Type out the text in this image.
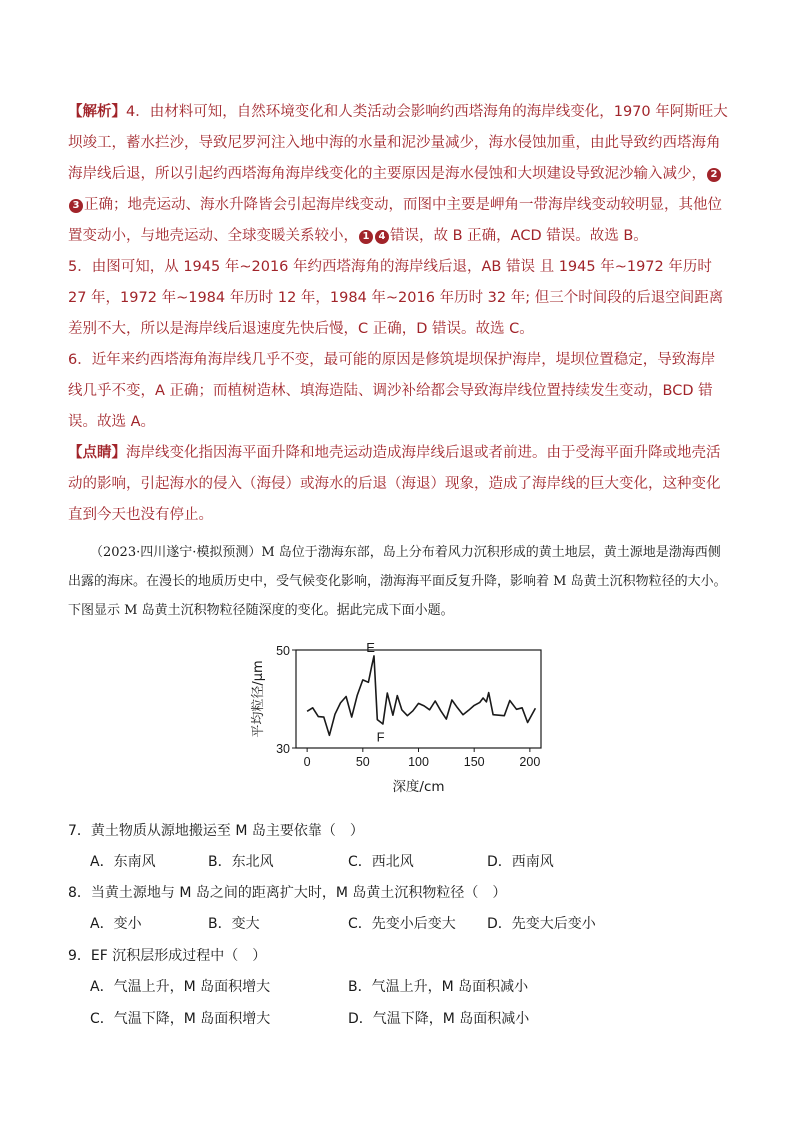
【解析】4．由材料可知，自然环境变化和人类活动会影响约西塔海角的海岸线变化，1970 年阿斯旺大坝竣工，蓄水拦沙，导致尼罗河注入地中海的水量和泥沙量减少，海水侵蚀加重，由此导致约西塔海角海岸线后退，所以引起约西塔海角海岸线变化的主要原因是海水侵蚀和大坝建设导致泥沙输入减少， 23 正确；地壳运动、海水升降皆会引起海岸线变动，而图中主要是岬角一带海岸线变动较明显，其他位置变动小，与地壳运动、全球变暖关系较小， 1 4 错误，故 B 正确，ACD 错误。故选 B。

5．由图可知，从 1945 年~2016 年约西塔海角的海岸线后退，AB 错误 且 1945 年~1972 年历时 27 年，1972 年~1984 年历时 12 年，1984 年~2016 年历时 32 年; 但三个时间段的后退空间距离差别不大，所以是海岸线后退速度先快后慢，C 正确，D 错误。故选 C。

6．近年来约西塔海角海岸线几乎不变，最可能的原因是修筑堤坝保护海岸，堤坝位置稳定，导致海岸线几乎不变，A 正确；而植树造林、填海造陆、调沙补给都会导致海岸线位置持续发生变动，BCD 错误。故选 A。

【点睛】海岸线变化指因海平面升降和地壳运动造成海岸线后退或者前进。由于受海平面升降或地壳活动的影响，引起海水的侵入（海侵）或海水的后退（海退）现象，造成了海岸线的巨大变化，这种变化直到今天也没有停止。

（2023·四川遂宁·模拟预测）M 岛位于渤海东部，岛上分布着风力沉积形成的黄土地层，黄土源地是渤海西侧出露的海床。在漫长的地质历史中，受气候变化影响，渤海海平面反复升降，影响着 M 岛黄土沉积物粒径的大小。下图显示 M 岛黄土沉积物粒径随深度的变化。据此完成下面小题。

0	50	100	150	200
30
50
深度/cm
平均粒径/μm
E
F
7．黄土物质从源地搬运至 M 岛主要依靠（　）
A．东南风	B．东北风	C．西北风	D．西南风
8．当黄土源地与 M 岛之间的距离扩大时，M 岛黄土沉积物粒径（　）
A．变小	B．变大	C．先变小后变大 D．先变大后变小
9．EF 沉积层形成过程中（　）
A．气温上升，M 岛面积增大	B．气温上升，M 岛面积减小
C．气温下降，M 岛面积增大	D．气温下降，M 岛面积减小
